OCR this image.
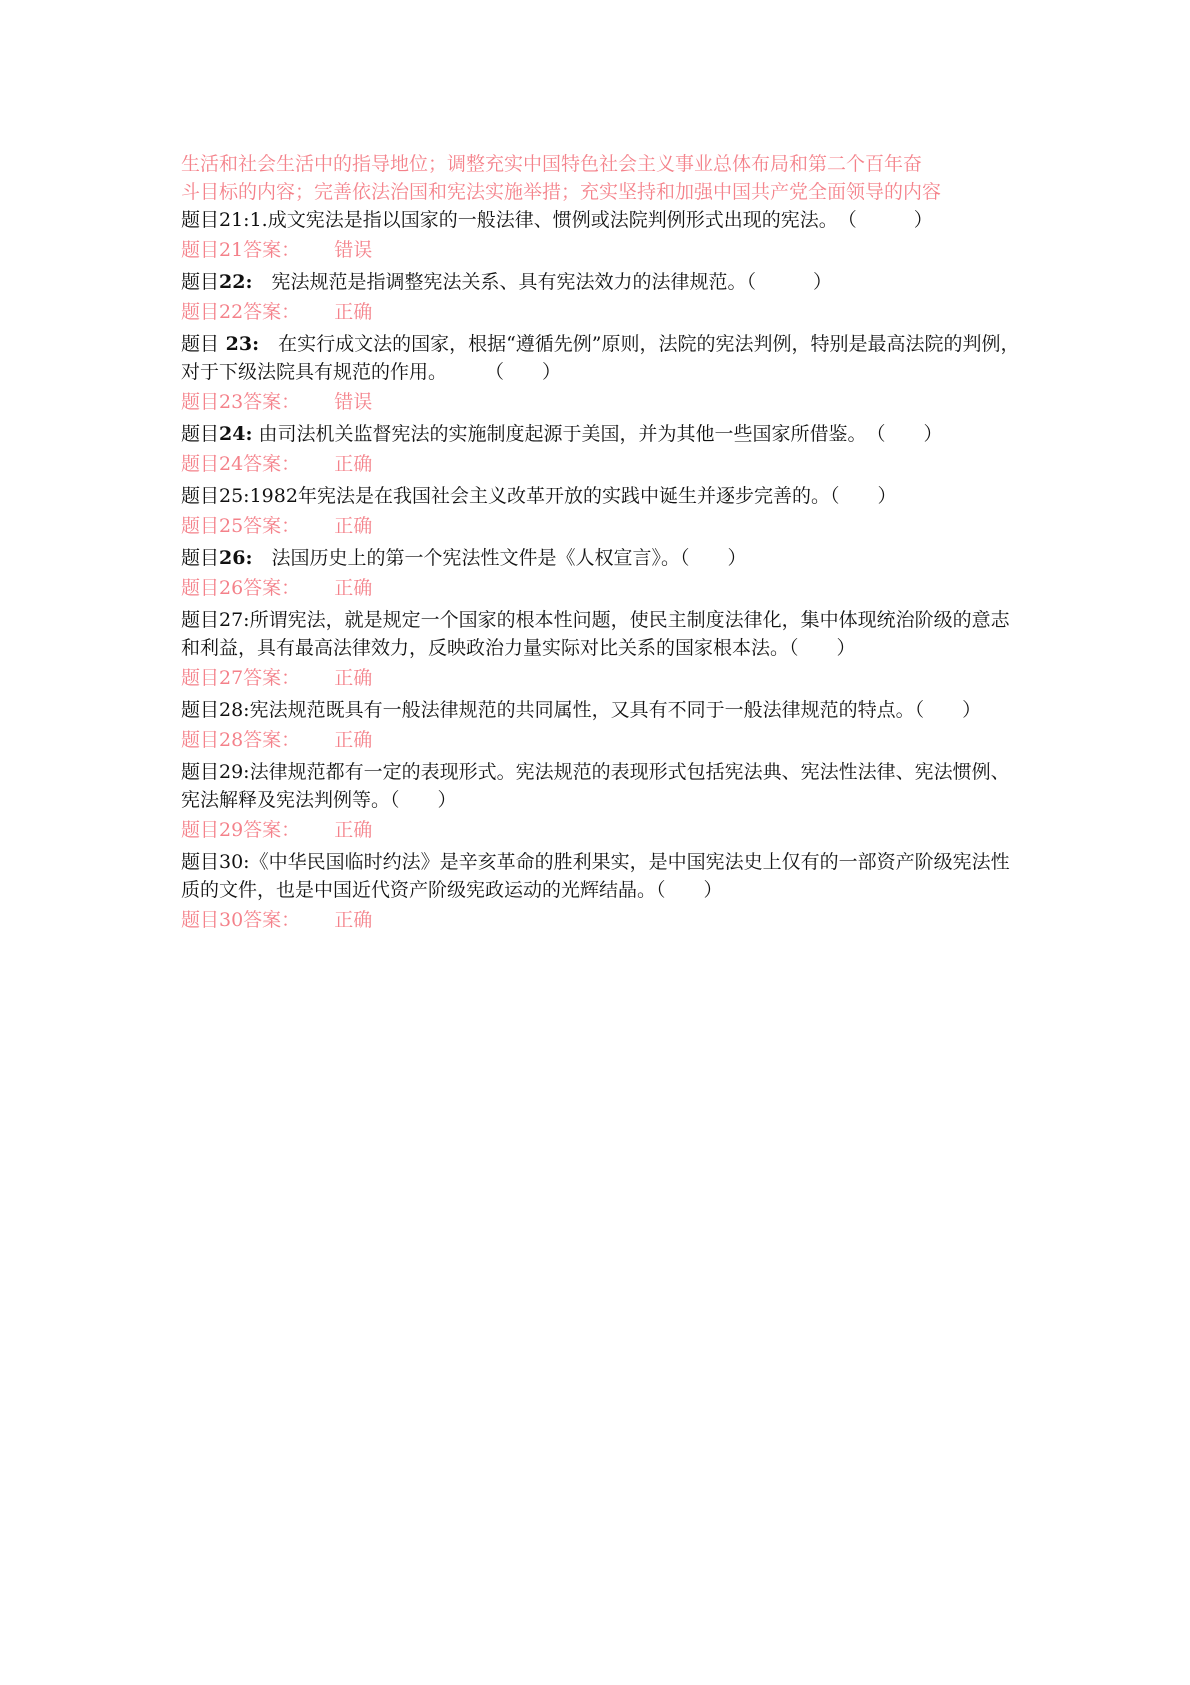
生活和社会生活中的指导地位；调整充实中国特色社会主义事业总体布局和第二个百年奋

斗目标的内容；完善依法治国和宪法实施举措；充实坚持和加强中国共产党全面领导的内容

题目21:1.成文宪法是指以国家的一般法律、惯例或法院判例形式出现的宪法。　（　　　）

题目21答案： 错误

题目22:　宪法规范是指调整宪法关系、具有宪法效力的法律规范。（　　　）

题目22答案： 正确

题目 23:　在实行成文法的国家，根据“遵循先例”原则，法院的宪法判例，特别是最高法院的判例，对于下级法院具有规范的作用。　　　（　　）

题目23答案： 错误

题目24: 由司法机关监督宪法的实施制度起源于美国，并为其他一些国家所借鉴。　（　　）

题目24答案： 正确

题目25:1982年宪法是在我国社会主义改革开放的实践中诞生并逐步完善的。（　　）

题目25答案： 正确

题目26:　法国历史上的第一个宪法性文件是《人权宣言》。（　　）

题目26答案： 正确

题目27:所谓宪法，就是规定一个国家的根本性问题，使民主制度法律化，集中体现统治阶级的意志和利益，具有最高法律效力，反映政治力量实际对比关系的国家根本法。（　　）

题目27答案： 正确

题目28:宪法规范既具有一般法律规范的共同属性，又具有不同于一般法律规范的特点。（　　）

题目28答案： 正确

题目29:法律规范都有一定的表现形式。宪法规范的表现形式包括宪法典、宪法性法律、宪法惯例、宪法解释及宪法判例等。（　　）

题目29答案： 正确

题目30:《中华民国临时约法》是辛亥革命的胜利果实，是中国宪法史上仅有的一部资产阶级宪法性质的文件，也是中国近代资产阶级宪政运动的光辉结晶。（　　）

题目30答案： 正确
